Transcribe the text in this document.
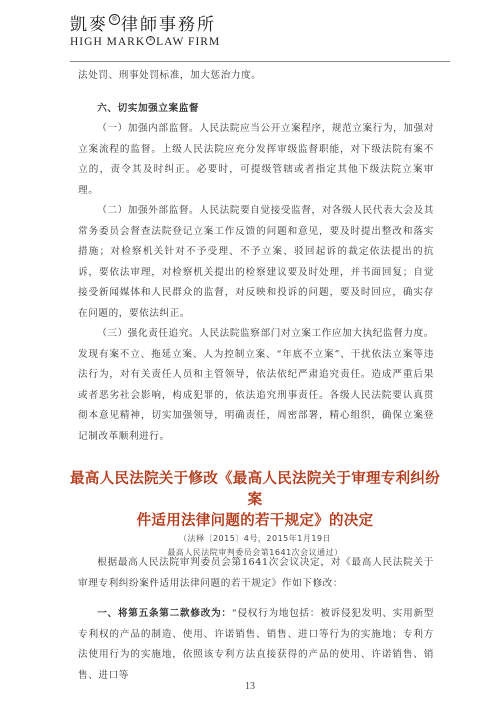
凱麥 ® 律師事務所
HIGH MARK ® LAW FIRM

法处罚、刑事处罚标准，加大惩治力度。

六、切实加强立案监督

（一）加强内部监督。人民法院应当公开立案程序，规范立案行为，加强对立案流程的监督。上级人民法院应充分发挥审级监督职能，对下级法院有案不立的，责令其及时纠正。必要时，可提级管辖或者指定其他下级法院立案审理。

（二）加强外部监督。人民法院要自觉接受监督，对各级人民代表大会及其常务委员会督查法院登记立案工作反馈的问题和意见，要及时提出整改和落实措施；对检察机关针对不予受理、不予立案、驳回起诉的裁定依法提出的抗诉，要依法审理，对检察机关提出的检察建议要及时处理，并书面回复；自觉接受新闻媒体和人民群众的监督，对反映和投诉的问题，要及时回应，确实存在问题的，要依法纠正。

（三）强化责任追究。人民法院监察部门对立案工作应加大执纪监督力度。发现有案不立、拖延立案、人为控制立案、“年底不立案”、干扰依法立案等违法行为，对有关责任人员和主管领导，依法依纪严肃追究责任。造成严重后果或者恶劣社会影响，构成犯罪的，依法追究刑事责任。各级人民法院要认真贯彻本意见精神，切实加强领导，明确责任，周密部署，精心组织，确保立案登记制改革顺利进行。

最高人民法院关于修改《最高人民法院关于审理专利纠纷案
件适用法律问题的若干规定》的决定
（法释〔2015〕4号，2015年1月19日
最高人民法院审判委员会第1641次会议通过）

根据最高人民法院审判委员会第1641次会议决定，对《最高人民法院关于审理专利纠纷案件适用法律问题的若干规定》作如下修改：

一、将第五条第二款修改为：“侵权行为地包括：被诉侵犯发明、实用新型专利权的产品的制造、使用、许诺销售、销售、进口等行为的实施地；专利方法使用行为的实施地，依照该专利方法直接获得的产品的使用、许诺销售、销售、进口等

13
